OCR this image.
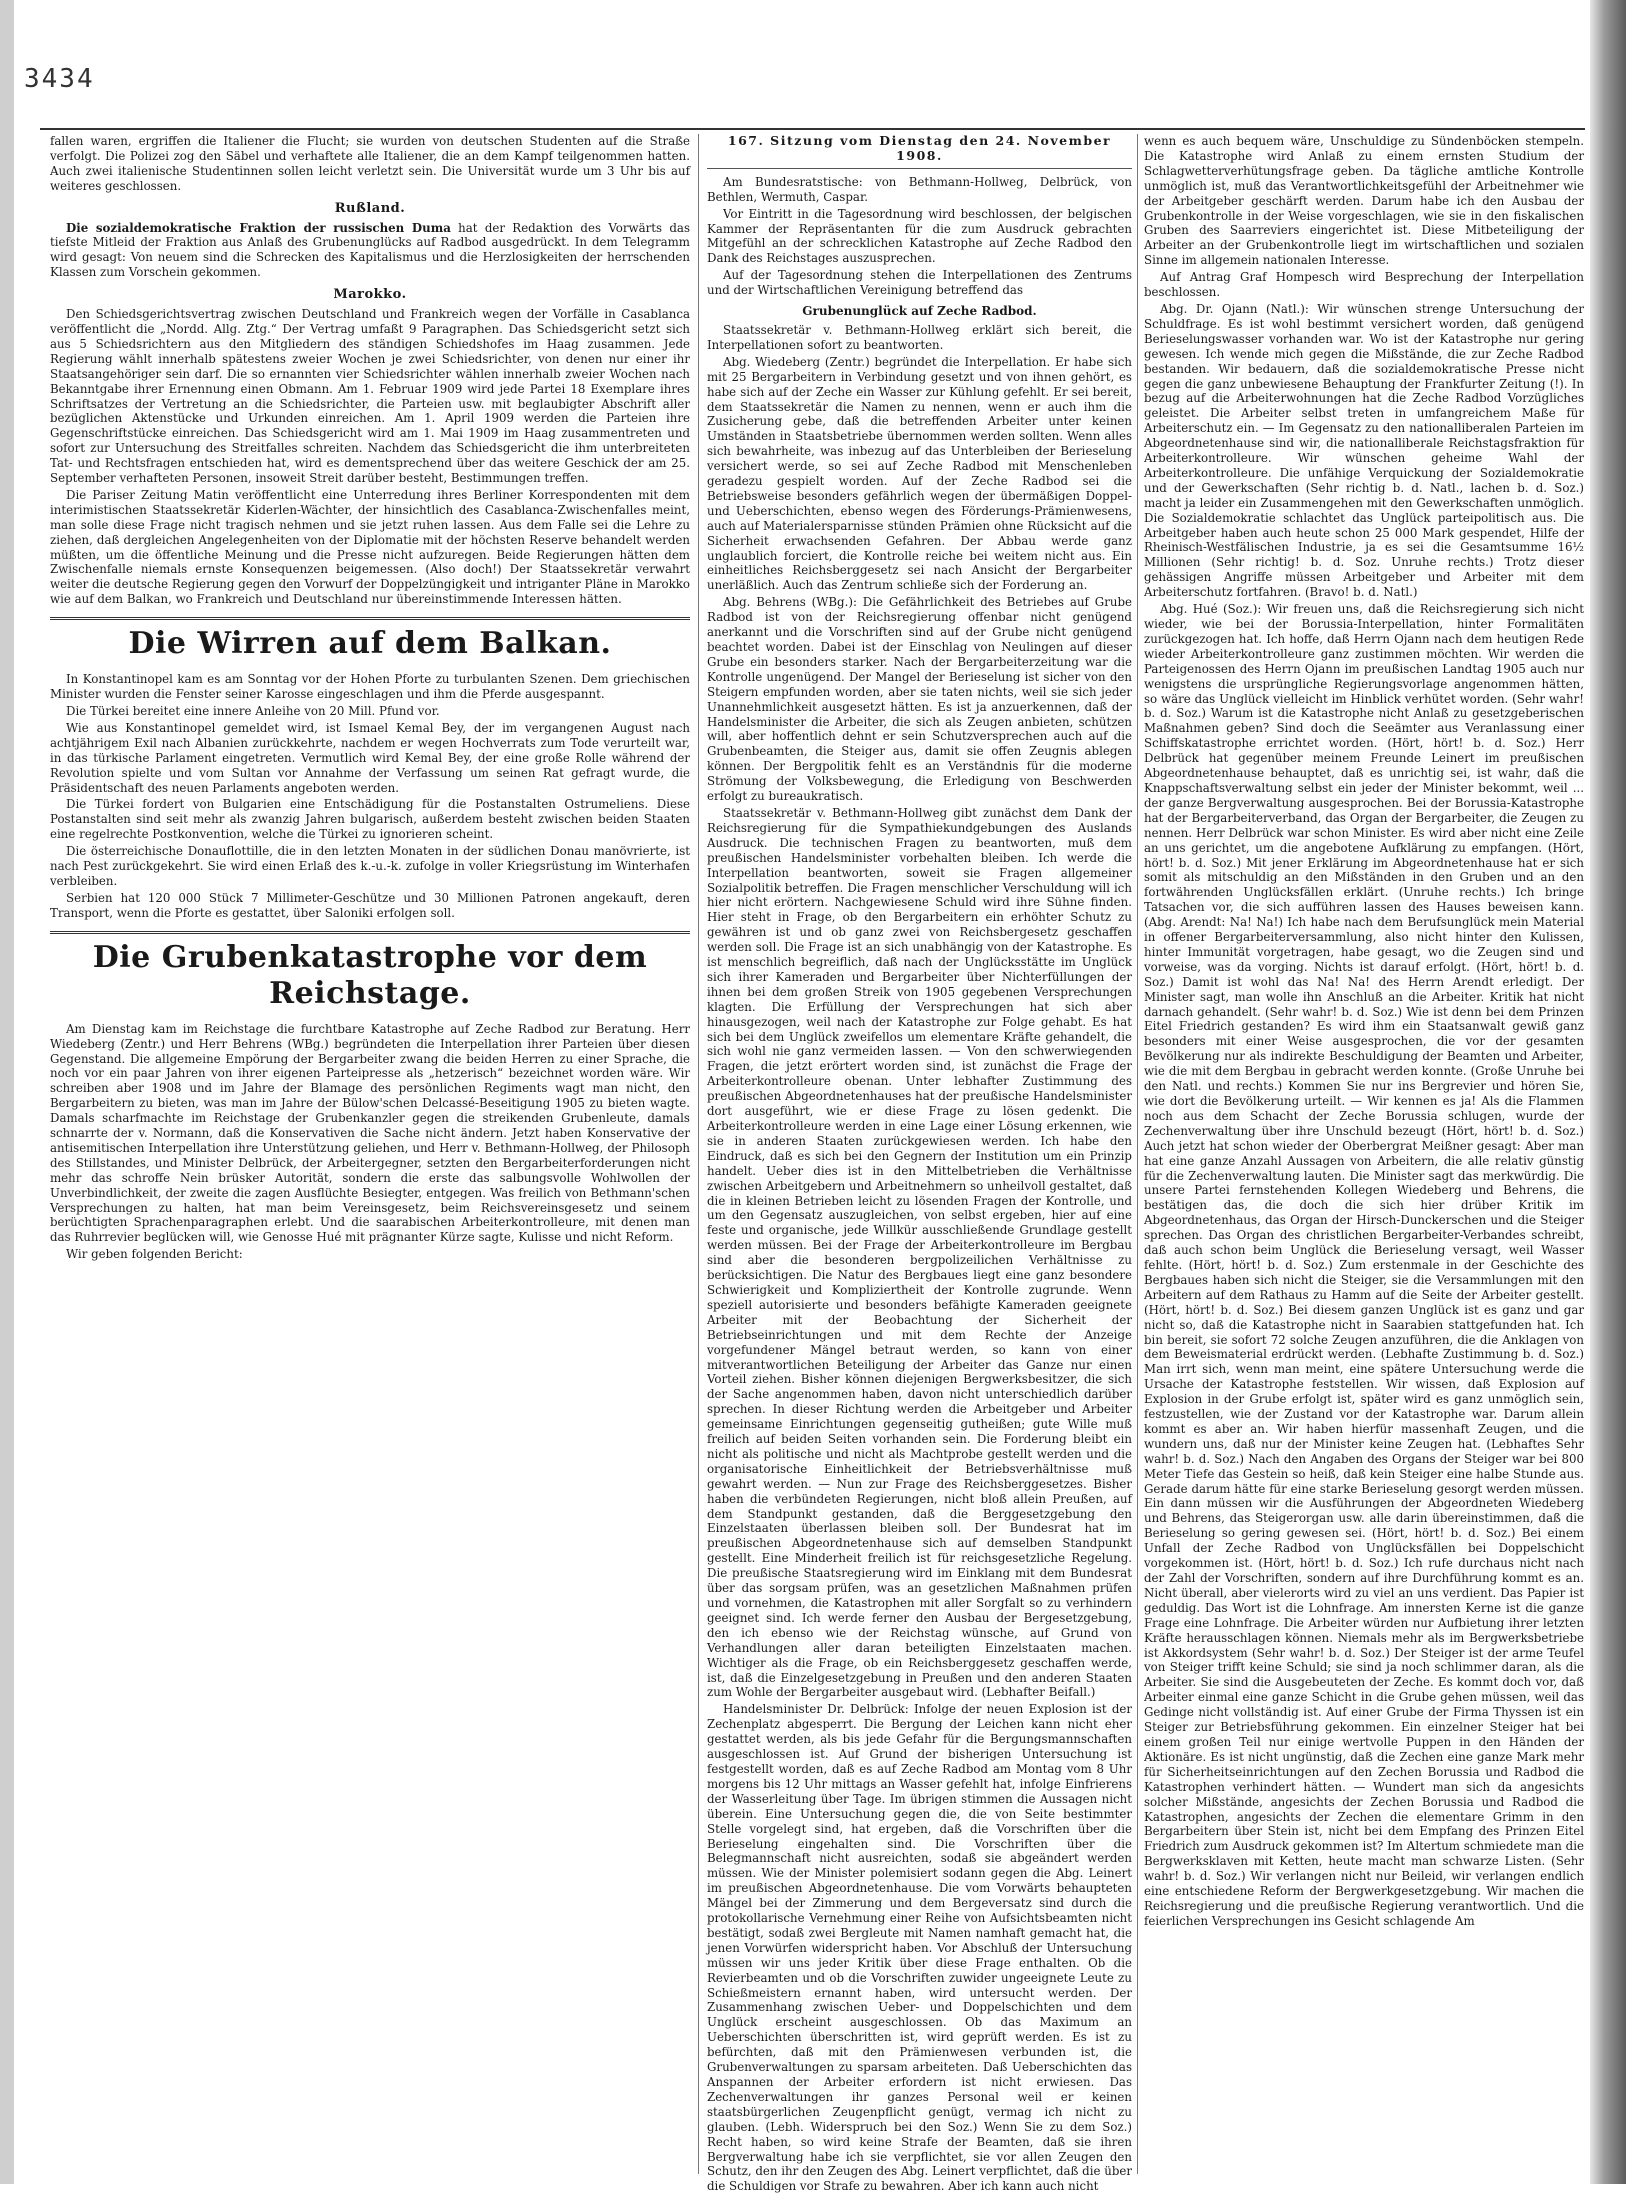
3434

fallen waren, ergriffen die Italiener die Flucht; sie wurden von deutschen Studenten auf die Straße verfolgt. Die Polizei zog den Säbel und verhaftete alle Italiener, die an dem Kampf teilgenommen hatten. Auch zwei italienische Studentinnen sollen leicht verletzt sein. Die Universität wurde um 3 Uhr bis auf weiteres geschlossen.

Rußland.

Die sozialdemokratische Fraktion der russischen Duma hat der Redaktion des Vorwärts das tiefste Mitleid der Fraktion aus Anlaß des Grubenunglücks auf Radbod ausgedrückt. In dem Telegramm wird gesagt: Von neuem sind die Schrecken des Kapitalismus und die Herzlosigkeiten der herrschenden Klassen zum Vorschein gekommen.

Marokko.

Den Schiedsgerichtsvertrag zwischen Deutschland und Frankreich wegen der Vorfälle in Casablanca veröffentlicht die „Nordd. Allg. Ztg.“ Der Vertrag umfaßt 9 Paragraphen. Das Schiedsgericht setzt sich aus 5 Schiedsrichtern aus den Mitgliedern des ständigen Schiedshofes im Haag zusammen. Jede Regierung wählt innerhalb spätestens zweier Wochen je zwei Schiedsrichter, von denen nur einer ihr Staatsangehöriger sein darf. Die so ernannten vier Schiedsrichter wählen innerhalb zweier Wochen nach Bekanntgabe ihrer Ernennung einen Obmann. Am 1. Februar 1909 wird jede Partei 18 Exemplare ihres Schriftsatzes der Vertretung an die Schiedsrichter, die Parteien usw. mit beglaubigter Abschrift aller bezüglichen Aktenstücke und Urkunden einreichen. Am 1. April 1909 werden die Parteien ihre Gegenschriftstücke einreichen. Das Schiedsgericht wird am 1. Mai 1909 im Haag zusammentreten und sofort zur Untersuchung des Streitfalles schreiten. Nachdem das Schiedsgericht die ihm unterbreiteten Tat- und Rechtsfragen entschieden hat, wird es dementsprechend über das weitere Geschick der am 25. September verhafteten Personen, insoweit Streit darüber besteht, Bestimmungen treffen.

Die Pariser Zeitung Matin veröffentlicht eine Unterredung ihres Berliner Korrespondenten mit dem interimistischen Staatssekretär Kiderlen-Wächter, der hinsichtlich des Casablanca-Zwischenfalles meint, man solle diese Frage nicht tragisch nehmen und sie jetzt ruhen lassen. Aus dem Falle sei die Lehre zu ziehen, daß dergleichen Angelegenheiten von der Diplomatie mit der höchsten Reserve behandelt werden müßten, um die öffentliche Meinung und die Presse nicht aufzuregen. Beide Regierungen hätten dem Zwischenfalle niemals ernste Konsequenzen beigemessen. (Also doch!) Der Staatssekretär verwahrt weiter die deutsche Regierung gegen den Vorwurf der Doppelzüngigkeit und intriganter Pläne in Marokko wie auf dem Balkan, wo Frankreich und Deutschland nur übereinstimmende Interessen hätten.

Die Wirren auf dem Balkan.

In Konstantinopel kam es am Sonntag vor der Hohen Pforte zu turbulanten Szenen. Dem griechischen Minister wurden die Fenster seiner Karosse eingeschlagen und ihm die Pferde ausgespannt.

Die Türkei bereitet eine innere Anleihe von 20 Mill. Pfund vor.

Wie aus Konstantinopel gemeldet wird, ist Ismael Kemal Bey, der im vergangenen August nach achtjährigem Exil nach Albanien zurückkehrte, nachdem er wegen Hochverrats zum Tode verurteilt war, in das türkische Parlament eingetreten. Vermutlich wird Kemal Bey, der eine große Rolle während der Revolution spielte und vom Sultan vor Annahme der Verfassung um seinen Rat gefragt wurde, die Präsidentschaft des neuen Parlaments angeboten werden.

Die Türkei fordert von Bulgarien eine Entschädigung für die Postanstalten Ostrumeliens. Diese Postanstalten sind seit mehr als zwanzig Jahren bulgarisch, außerdem besteht zwischen beiden Staaten eine regelrechte Postkonvention, welche die Türkei zu ignorieren scheint.

Die österreichische Donauflottille, die in den letzten Monaten in der südlichen Donau manövrierte, ist nach Pest zurückgekehrt. Sie wird einen Erlaß des k.-u.-k. zufolge in voller Kriegsrüstung im Winterhafen verbleiben.

Serbien hat 120 000 Stück 7 Millimeter-Geschütze und 30 Millionen Patronen angekauft, deren Transport, wenn die Pforte es gestattet, über Saloniki erfolgen soll.

Die Grubenkatastrophe vor dem Reichstage.

Am Dienstag kam im Reichstage die furchtbare Katastrophe auf Zeche Radbod zur Beratung. Herr Wiedeberg (Zentr.) und Herr Behrens (WBg.) begründeten die Interpellation ihrer Parteien über diesen Gegenstand. Die allgemeine Empörung der Bergarbeiter zwang die beiden Herren zu einer Sprache, die noch vor ein paar Jahren von ihrer eigenen Parteipresse als „hetzerisch“ bezeichnet worden wäre. Wir schreiben aber 1908 und im Jahre der Blamage des persönlichen Regiments wagt man nicht, den Bergarbeitern zu bieten, was man im Jahre der Bülow'schen Delcassé-Beseitigung 1905 zu bieten wagte. Damals scharfmachte im Reichstage der Grubenkanzler gegen die streikenden Grubenleute, damals schnarrte der v. Normann, daß die Konservativen die Sache nicht ändern. Jetzt haben Konservative der antisemitischen Interpellation ihre Unterstützung geliehen, und Herr v. Bethmann-Hollweg, der Philosoph des Stillstandes, und Minister Delbrück, der Arbeitergegner, setzten den Bergarbeiterforderungen nicht mehr das schroffe Nein brüsker Autorität, sondern die erste das salbungsvolle Wohlwollen der Unverbindlichkeit, der zweite die zagen Ausflüchte Besiegter, entgegen. Was freilich von Bethmann'schen Versprechungen zu halten, hat man beim Vereinsgesetz, beim Reichsvereinsgesetz und seinem berüchtigten Sprachenparagraphen erlebt. Und die saarabischen Arbeiterkontrolleure, mit denen man das Ruhrrevier beglücken will, wie Genosse Hué mit prägnanter Kürze sagte, Kulisse und nicht Reform.

Wir geben folgenden Bericht:

167. Sitzung vom Dienstag den 24. November 1908.

Am Bundesratstische: von Bethmann-Hollweg, Delbrück, von Bethlen, Wermuth, Caspar.

Vor Eintritt in die Tagesordnung wird beschlossen, der belgischen Kammer der Repräsentanten für die zum Ausdruck gebrachten Mitgefühl an der schrecklichen Katastrophe auf Zeche Radbod den Dank des Reichstages auszusprechen.

Auf der Tagesordnung stehen die Interpellationen des Zentrums und der Wirtschaftlichen Vereinigung betreffend das

Grubenunglück auf Zeche Radbod.

Staatssekretär v. Bethmann-Hollweg erklärt sich bereit, die Interpellationen sofort zu beantworten.

Abg. Wiedeberg (Zentr.) begründet die Interpellation. Er habe sich mit 25 Bergarbeitern in Verbindung gesetzt und von ihnen gehört, es habe sich auf der Zeche ein Wasser zur Kühlung gefehlt. Er sei bereit, dem Staatssekretär die Namen zu nennen, wenn er auch ihm die Zusicherung gebe, daß die betreffenden Arbeiter unter keinen Umständen in Staatsbetriebe übernommen werden sollten. Wenn alles sich bewahrheite, was inbezug auf das Unterbleiben der Berieselung versichert werde, so sei auf Zeche Radbod mit Menschenleben geradezu gespielt worden. Auf der Zeche Radbod sei die Betriebsweise besonders gefährlich wegen der übermäßigen Doppel- und Ueberschichten, ebenso wegen des Förderungs-Prämienwesens, auch auf Materialersparnisse stünden Prämien ohne Rücksicht auf die Sicherheit erwachsenden Gefahren. Der Abbau werde ganz unglaublich forciert, die Kontrolle reiche bei weitem nicht aus. Ein einheitliches Reichsberggesetz sei nach Ansicht der Bergarbeiter unerläßlich. Auch das Zentrum schließe sich der Forderung an.

Abg. Behrens (WBg.): Die Gefährlichkeit des Betriebes auf Grube Radbod ist von der Reichsregierung offenbar nicht genügend anerkannt und die Vorschriften sind auf der Grube nicht genügend beachtet worden. Dabei ist der Einschlag von Neulingen auf dieser Grube ein besonders starker. Nach der Bergarbeiterzeitung war die Kontrolle ungenügend. Der Mangel der Berieselung ist sicher von den Steigern empfunden worden, aber sie taten nichts, weil sie sich jeder Unannehmlichkeit ausgesetzt hätten. Es ist ja anzuerkennen, daß der Handelsminister die Arbeiter, die sich als Zeugen anbieten, schützen will, aber hoffentlich dehnt er sein Schutzversprechen auch auf die Grubenbeamten, die Steiger aus, damit sie offen Zeugnis ablegen können. Der Bergpolitik fehlt es an Verständnis für die moderne Strömung der Volksbewegung, die Erledigung von Beschwerden erfolgt zu bureaukratisch.

Staatssekretär v. Bethmann-Hollweg gibt zunächst dem Dank der Reichsregierung für die Sympathiekundgebungen des Auslands Ausdruck. Die technischen Fragen zu beantworten, muß dem preußischen Handelsminister vorbehalten bleiben. Ich werde die Interpellation beantworten, soweit sie Fragen allgemeiner Sozialpolitik betreffen. Die Fragen menschlicher Verschuldung will ich hier nicht erörtern. Nachgewiesene Schuld wird ihre Sühne finden. Hier steht in Frage, ob den Bergarbeitern ein erhöhter Schutz zu gewähren ist und ob ganz zwei von Reichsbergesetz geschaffen werden soll. Die Frage ist an sich unabhängig von der Katastrophe. Es ist menschlich begreiflich, daß nach der Unglücksstätte im Unglück sich ihrer Kameraden und Bergarbeiter über Nichterfüllungen der ihnen bei dem großen Streik von 1905 gegebenen Versprechungen klagten. Die Erfüllung der Versprechungen hat sich aber hinausgezogen, weil nach der Katastrophe zur Folge gehabt. Es hat sich bei dem Unglück zweifellos um elementare Kräfte gehandelt, die sich wohl nie ganz vermeiden lassen. — Von den schwerwiegenden Fragen, die jetzt erörtert worden sind, ist zunächst die Frage der Arbeiterkontrolleure obenan. Unter lebhafter Zustimmung des preußischen Abgeordnetenhauses hat der preußische Handelsminister dort ausgeführt, wie er diese Frage zu lösen gedenkt. Die Arbeiterkontrolleure werden in eine Lage einer Lösung erkennen, wie sie in anderen Staaten zurückgewiesen werden. Ich habe den Eindruck, daß es sich bei den Gegnern der Institution um ein Prinzip handelt. Ueber dies ist in den Mittelbetrieben die Verhältnisse zwischen Arbeitgebern und Arbeitnehmern so unheilvoll gestaltet, daß die in kleinen Betrieben leicht zu lösenden Fragen der Kontrolle, und um den Gegensatz auszugleichen, von selbst ergeben, hier auf eine feste und organische, jede Willkür ausschließende Grundlage gestellt werden müssen. Bei der Frage der Arbeiterkontrolleure im Bergbau sind aber die besonderen bergpolizeilichen Verhältnisse zu berücksichtigen. Die Natur des Bergbaues liegt eine ganz besondere Schwierigkeit und Kompliziertheit der Kontrolle zugrunde. Wenn speziell autorisierte und besonders befähigte Kameraden geeignete Arbeiter mit der Beobachtung der Sicherheit der Betriebseinrichtungen und mit dem Rechte der Anzeige vorgefundener Mängel betraut werden, so kann von einer mitverantwortlichen Beteiligung der Arbeiter das Ganze nur einen Vorteil ziehen. Bisher können diejenigen Bergwerksbesitzer, die sich der Sache angenommen haben, davon nicht unterschiedlich darüber sprechen. In dieser Richtung werden die Arbeitgeber und Arbeiter gemeinsame Einrichtungen gegenseitig gutheißen; gute Wille muß freilich auf beiden Seiten vorhanden sein. Die Forderung bleibt ein nicht als politische und nicht als Machtprobe gestellt werden und die organisatorische Einheitlichkeit der Betriebsverhältnisse muß gewahrt werden. — Nun zur Frage des Reichsberggesetzes. Bisher haben die verbündeten Regierungen, nicht bloß allein Preußen, auf dem Standpunkt gestanden, daß die Berggesetzgebung den Einzelstaaten überlassen bleiben soll. Der Bundesrat hat im preußischen Abgeordnetenhause sich auf demselben Standpunkt gestellt. Eine Minderheit freilich ist für reichsgesetzliche Regelung. Die preußische Staatsregierung wird im Einklang mit dem Bundesrat über das sorgsam prüfen, was an gesetzlichen Maßnahmen prüfen und vornehmen, die Katastrophen mit aller Sorgfalt so zu verhindern geeignet sind. Ich werde ferner den Ausbau der Bergesetzgebung, den ich ebenso wie der Reichstag wünsche, auf Grund von Verhandlungen aller daran beteiligten Einzelstaaten machen. Wichtiger als die Frage, ob ein Reichsberggesetz geschaffen werde, ist, daß die Einzelgesetzgebung in Preußen und den anderen Staaten zum Wohle der Bergarbeiter ausgebaut wird. (Lebhafter Beifall.)

Handelsminister Dr. Delbrück: Infolge der neuen Explosion ist der Zechenplatz abgesperrt. Die Bergung der Leichen kann nicht eher gestattet werden, als bis jede Gefahr für die Bergungsmannschaften ausgeschlossen ist. Auf Grund der bisherigen Untersuchung ist festgestellt worden, daß es auf Zeche Radbod am Montag vom 8 Uhr morgens bis 12 Uhr mittags an Wasser gefehlt hat, infolge Einfrierens der Wasserleitung über Tage. Im übrigen stimmen die Aussagen nicht überein. Eine Untersuchung gegen die, die von Seite bestimmter Stelle vorgelegt sind, hat ergeben, daß die Vorschriften über die Berieselung eingehalten sind. Die Vorschriften über die Belegmannschaft nicht ausreichten, sodaß sie abgeändert werden müssen. Wie der Minister polemisiert sodann gegen die Abg. Leinert im preußischen Abgeordnetenhause. Die vom Vorwärts behaupteten Mängel bei der Zimmerung und dem Bergeversatz sind durch die protokollarische Vernehmung einer Reihe von Aufsichtsbeamten nicht bestätigt, sodaß zwei Bergleute mit Namen namhaft gemacht hat, die jenen Vorwürfen widerspricht haben. Vor Abschluß der Untersuchung müssen wir uns jeder Kritik über diese Frage enthalten. Ob die Revierbeamten und ob die Vorschriften zuwider ungeeignete Leute zu Schießmeistern ernannt haben, wird untersucht werden. Der Zusammenhang zwischen Ueber- und Doppelschichten und dem Unglück erscheint ausgeschlossen. Ob das Maximum an Ueberschichten überschritten ist, wird geprüft werden. Es ist zu befürchten, daß mit den Prämienwesen verbunden ist, die Grubenverwaltungen zu sparsam arbeiteten. Daß Ueberschichten das Anspannen der Arbeiter erfordern ist nicht erwiesen. Das Zechenverwaltungen ihr ganzes Personal weil er keinen staatsbürgerlichen Zeugenpflicht genügt, vermag ich nicht zu glauben. (Lebh. Widerspruch bei den Soz.) Wenn Sie zu dem Soz.) Recht haben, so wird keine Strafe der Beamten, daß sie ihren Bergverwaltung habe ich sie verpflichtet, sie vor allen Zeugen den Schutz, den ihr den Zeugen des Abg. Leinert verpflichtet, daß die über die Schuldigen vor Strafe zu bewahren. Aber ich kann auch nicht

wenn es auch bequem wäre, Unschuldige zu Sündenböcken stempeln. Die Katastrophe wird Anlaß zu einem ernsten Studium der Schlagwetterverhütungsfrage geben. Da tägliche amtliche Kontrolle unmöglich ist, muß das Verantwortlichkeitsgefühl der Arbeitnehmer wie der Arbeitgeber geschärft werden. Darum habe ich den Ausbau der Grubenkontrolle in der Weise vorgeschlagen, wie sie in den fiskalischen Gruben des Saarreviers eingerichtet ist. Diese Mitbeteiligung der Arbeiter an der Grubenkontrolle liegt im wirtschaftlichen und sozialen Sinne im allgemein nationalen Interesse.

Auf Antrag Graf Hompesch wird Besprechung der Interpellation beschlossen.

Abg. Dr. Ojann (Natl.): Wir wünschen strenge Untersuchung der Schuldfrage. Es ist wohl bestimmt versichert worden, daß genügend Berieselungswasser vorhanden war. Wo ist der Katastrophe nur gering gewesen. Ich wende mich gegen die Mißstände, die zur Zeche Radbod bestanden. Wir bedauern, daß die sozialdemokratische Presse nicht gegen die ganz unbewiesene Behauptung der Frankfurter Zeitung (!). In bezug auf die Arbeiterwohnungen hat die Zeche Radbod Vorzügliches geleistet. Die Arbeiter selbst treten in umfangreichem Maße für Arbeiterschutz ein. — Im Gegensatz zu den nationalliberalen Parteien im Abgeordnetenhause sind wir, die nationalliberale Reichstagsfraktion für Arbeiterkontrolleure. Wir wünschen geheime Wahl der Arbeiterkontrolleure. Die unfähige Verquickung der Sozialdemokratie und der Gewerkschaften (Sehr richtig b. d. Natl., lachen b. d. Soz.) macht ja leider ein Zusammengehen mit den Gewerkschaften unmöglich. Die Sozialdemokratie schlachtet das Unglück parteipolitisch aus. Die Arbeitgeber haben auch heute schon 25 000 Mark gespendet, Hilfe der Rheinisch-Westfälischen Industrie, ja es sei die Gesamtsumme 16½ Millionen (Sehr richtig! b. d. Soz. Unruhe rechts.) Trotz dieser gehässigen Angriffe müssen Arbeitgeber und Arbeiter mit dem Arbeiterschutz fortfahren. (Bravo! b. d. Natl.)

Abg. Hué (Soz.): Wir freuen uns, daß die Reichsregierung sich nicht wieder, wie bei der Borussia-Interpellation, hinter Formalitäten zurückgezogen hat. Ich hoffe, daß Herrn Ojann nach dem heutigen Rede wieder Arbeiterkontrolleure ganz zustimmen möchten. Wir werden die Parteigenossen des Herrn Ojann im preußischen Landtag 1905 auch nur wenigstens die ursprüngliche Regierungsvorlage angenommen hätten, so wäre das Unglück vielleicht im Hinblick verhütet worden. (Sehr wahr! b. d. Soz.) Warum ist die Katastrophe nicht Anlaß zu gesetzgeberischen Maßnahmen geben? Sind doch die Seeämter aus Veranlassung einer Schiffskatastrophe errichtet worden. (Hört, hört! b. d. Soz.) Herr Delbrück hat gegenüber meinem Freunde Leinert im preußischen Abgeordnetenhause behauptet, daß es unrichtig sei, ist wahr, daß die Knappschaftsverwaltung selbst ein jeder der Minister bekommt, weil ... der ganze Bergverwaltung ausgesprochen. Bei der Borussia-Katastrophe hat der Bergarbeiterverband, das Organ der Bergarbeiter, die Zeugen zu nennen. Herr Delbrück war schon Minister. Es wird aber nicht eine Zeile an uns gerichtet, um die angebotene Aufklärung zu empfangen. (Hört, hört! b. d. Soz.) Mit jener Erklärung im Abgeordnetenhause hat er sich somit als mitschuldig an den Mißständen in den Gruben und an den fortwährenden Unglücksfällen erklärt. (Unruhe rechts.) Ich bringe Tatsachen vor, die sich aufführen lassen des Hauses beweisen kann. (Abg. Arendt: Na! Na!) Ich habe nach dem Berufsunglück mein Material in offener Bergarbeiterversammlung, also nicht hinter den Kulissen, hinter Immunität vorgetragen, habe gesagt, wo die Zeugen sind und vorweise, was da vorging. Nichts ist darauf erfolgt. (Hört, hört! b. d. Soz.) Damit ist wohl das Na! Na! des Herrn Arendt erledigt. Der Minister sagt, man wolle ihn Anschluß an die Arbeiter. Kritik hat nicht darnach gehandelt. (Sehr wahr! b. d. Soz.) Wie ist denn bei dem Prinzen Eitel Friedrich gestanden? Es wird ihm ein Staatsanwalt gewiß ganz besonders mit einer Weise ausgesprochen, die vor der gesamten Bevölkerung nur als indirekte Beschuldigung der Beamten und Arbeiter, wie die mit dem Bergbau in gebracht werden konnte. (Große Unruhe bei den Natl. und rechts.) Kommen Sie nur ins Bergrevier und hören Sie, wie dort die Bevölkerung urteilt. — Wir kennen es ja! Als die Flammen noch aus dem Schacht der Zeche Borussia schlugen, wurde der Zechenverwaltung über ihre Unschuld bezeugt (Hört, hört! b. d. Soz.) Auch jetzt hat schon wieder der Oberbergrat Meißner gesagt: Aber man hat eine ganze Anzahl Aussagen von Arbeitern, die alle relativ günstig für die Zechenverwaltung lauten. Die Minister sagt das merkwürdig. Die unsere Partei fernstehenden Kollegen Wiedeberg und Behrens, die bestätigen das, die doch die sich hier drüber Kritik im Abgeordnetenhaus, das Organ der Hirsch-Dunckerschen und die Steiger sprechen. Das Organ des christlichen Bergarbeiter-Verbandes schreibt, daß auch schon beim Unglück die Berieselung versagt, weil Wasser fehlte. (Hört, hört! b. d. Soz.) Zum erstenmale in der Geschichte des Bergbaues haben sich nicht die Steiger, sie die Versammlungen mit den Arbeitern auf dem Rathaus zu Hamm auf die Seite der Arbeiter gestellt. (Hört, hört! b. d. Soz.) Bei diesem ganzen Unglück ist es ganz und gar nicht so, daß die Katastrophe nicht in Saarabien stattgefunden hat. Ich bin bereit, sie sofort 72 solche Zeugen anzuführen, die die Anklagen von dem Beweismaterial erdrückt werden. (Lebhafte Zustimmung b. d. Soz.) Man irrt sich, wenn man meint, eine spätere Untersuchung werde die Ursache der Katastrophe feststellen. Wir wissen, daß Explosion auf Explosion in der Grube erfolgt ist, später wird es ganz unmöglich sein, festzustellen, wie der Zustand vor der Katastrophe war. Darum allein kommt es aber an. Wir haben hierfür massenhaft Zeugen, und die wundern uns, daß nur der Minister keine Zeugen hat. (Lebhaftes Sehr wahr! b. d. Soz.) Nach den Angaben des Organs der Steiger war bei 800 Meter Tiefe das Gestein so heiß, daß kein Steiger eine halbe Stunde aus. Gerade darum hätte für eine starke Berieselung gesorgt werden müssen. Ein dann müssen wir die Ausführungen der Abgeordneten Wiedeberg und Behrens, das Steigerorgan usw. alle darin übereinstimmen, daß die Berieselung so gering gewesen sei. (Hört, hört! b. d. Soz.) Bei einem Unfall der Zeche Radbod von Unglücksfällen bei Doppelschicht vorgekommen ist. (Hört, hört! b. d. Soz.) Ich rufe durchaus nicht nach der Zahl der Vorschriften, sondern auf ihre Durchführung kommt es an. Nicht überall, aber vielerorts wird zu viel an uns verdient. Das Papier ist geduldig. Das Wort ist die Lohnfrage. Am innersten Kerne ist die ganze Frage eine Lohnfrage. Die Arbeiter würden nur Aufbietung ihrer letzten Kräfte herausschlagen können. Niemals mehr als im Bergwerksbetriebe ist Akkordsystem (Sehr wahr! b. d. Soz.) Der Steiger ist der arme Teufel von Steiger trifft keine Schuld; sie sind ja noch schlimmer daran, als die Arbeiter. Sie sind die Ausgebeuteten der Zeche. Es kommt doch vor, daß Arbeiter einmal eine ganze Schicht in die Grube gehen müssen, weil das Gedinge nicht vollständig ist. Auf einer Grube der Firma Thyssen ist ein Steiger zur Betriebsführung gekommen. Ein einzelner Steiger hat bei einem großen Teil nur einige wertvolle Puppen in den Händen der Aktionäre. Es ist nicht ungünstig, daß die Zechen eine ganze Mark mehr für Sicherheitseinrichtungen auf den Zechen Borussia und Radbod die Katastrophen verhindert hätten. — Wundert man sich da angesichts solcher Mißstände, angesichts der Zechen Borussia und Radbod die Katastrophen, angesichts der Zechen die elementare Grimm in den Bergarbeitern über Stein ist, nicht bei dem Empfang des Prinzen Eitel Friedrich zum Ausdruck gekommen ist? Im Altertum schmiedete man die Bergwerksklaven mit Ketten, heute macht man schwarze Listen. (Sehr wahr! b. d. Soz.) Wir verlangen nicht nur Beileid, wir verlangen endlich eine entschiedene Reform der Bergwerkgesetzgebung. Wir machen die Reichsregierung und die preußische Regierung verantwortlich. Und die feierlichen Versprechungen ins Gesicht schlagende Am
